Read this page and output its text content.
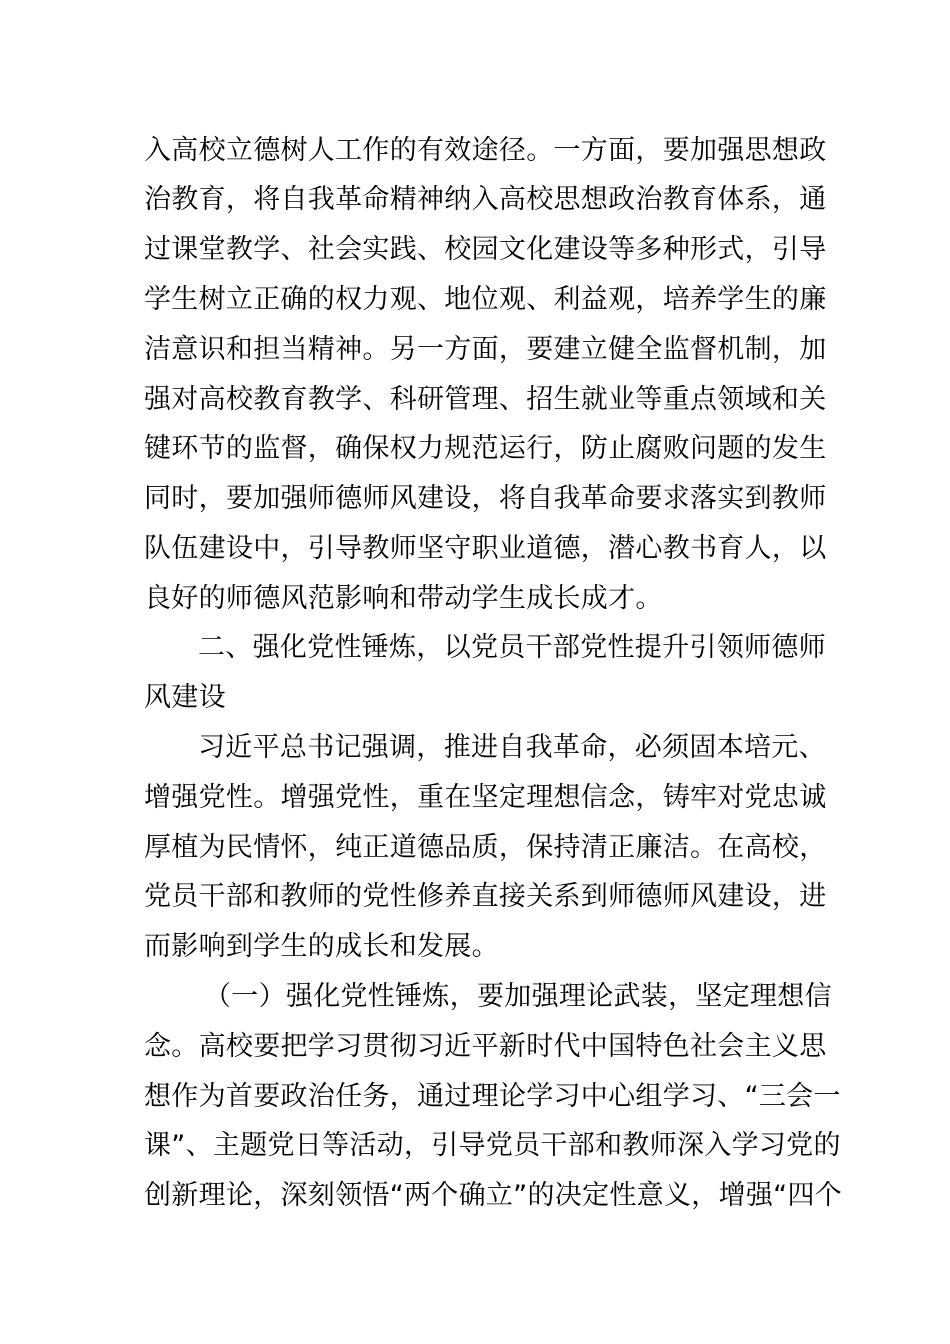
入高校立德树人工作的有效途径。一方面，要加强思想政
治教育，将自我革命精神纳入高校思想政治教育体系，通
过课堂教学、社会实践、校园文化建设等多种形式，引导
学生树立正确的权力观、地位观、利益观，培养学生的廉
洁意识和担当精神。另一方面，要建立健全监督机制，加
强对高校教育教学、科研管理、招生就业等重点领域和关
键环节的监督，确保权力规范运行，防止腐败问题的发生
同时，要加强师德师风建设，将自我革命要求落实到教师
队伍建设中，引导教师坚守职业道德，潜心教书育人，以
良好的师德风范影响和带动学生成长成才。
二、强化党性锤炼，以党员干部党性提升引领师德师
风建设
习近平总书记强调，推进自我革命，必须固本培元、
增强党性。增强党性，重在坚定理想信念，铸牢对党忠诚
厚植为民情怀，纯正道德品质，保持清正廉洁。在高校，
党员干部和教师的党性修养直接关系到师德师风建设，进
而影响到学生的成长和发展。
（一）强化党性锤炼，要加强理论武装，坚定理想信
念。高校要把学习贯彻习近平新时代中国特色社会主义思
想作为首要政治任务，通过理论学习中心组学习、“三会一
课”、主题党日等活动，引导党员干部和教师深入学习党的
创新理论，深刻领悟“两个确立”的决定性意义，增强“四个
